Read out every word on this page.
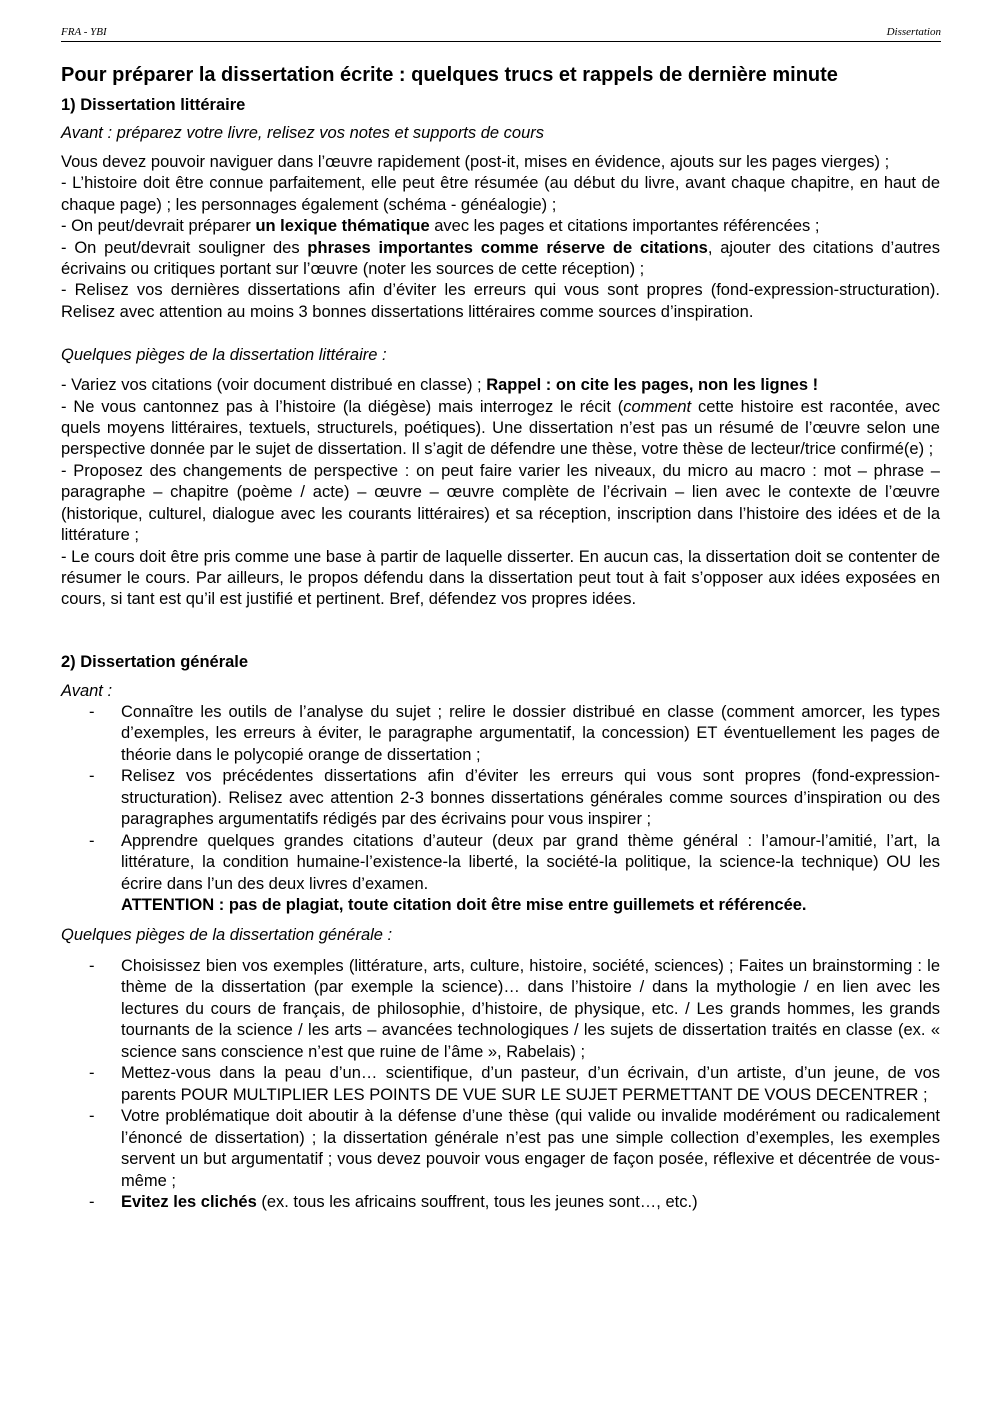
FRA - YBI	Dissertation
Pour préparer la dissertation écrite : quelques trucs et rappels de dernière minute
1) Dissertation littéraire
Avant : préparez votre livre, relisez vos notes et supports de cours

Vous devez pouvoir naviguer dans l’œuvre rapidement (post-it, mises en évidence, ajouts sur les pages vierges) ;

- L’histoire doit être connue parfaitement, elle peut être résumée (au début du livre, avant chaque chapitre, en haut de chaque page) ; les personnages également (schéma - généalogie) ;

- On peut/devrait préparer un lexique thématique avec les pages et citations importantes référencées ;

- On peut/devrait souligner des phrases importantes comme réserve de citations, ajouter des citations d’autres écrivains ou critiques portant sur l’œuvre (noter les sources de cette réception) ;

- Relisez vos dernières dissertations afin d’éviter les erreurs qui vous sont propres (fond-expression-structuration). Relisez avec attention au moins 3 bonnes dissertations littéraires comme sources d’inspiration.

Quelques pièges de la dissertation littéraire :

- Variez vos citations (voir document distribué en classe) ; Rappel : on cite les pages, non les lignes !

- Ne vous cantonnez pas à l’histoire (la diégèse) mais interrogez le récit (comment cette histoire est racontée, avec quels moyens littéraires, textuels, structurels, poétiques). Une dissertation n’est pas un résumé de l’œuvre selon une perspective donnée par le sujet de dissertation. Il s’agit de défendre une thèse, votre thèse de lecteur/trice confirmé(e) ;

- Proposez des changements de perspective : on peut faire varier les niveaux, du micro au macro : mot – phrase – paragraphe – chapitre (poème / acte) – œuvre – œuvre complète de l’écrivain – lien avec le contexte de l’œuvre (historique, culturel, dialogue avec les courants littéraires) et sa réception, inscription dans l’histoire des idées et de la littérature ;

- Le cours doit être pris comme une base à partir de laquelle disserter. En aucun cas, la dissertation doit se contenter de résumer le cours. Par ailleurs, le propos défendu dans la dissertation peut tout à fait s’opposer aux idées exposées en cours, si tant est qu’il est justifié et pertinent. Bref, défendez vos propres idées.

2) Dissertation générale
Avant :
- Connaître les outils de l’analyse du sujet ; relire le dossier distribué en classe (comment amorcer, les types d’exemples, les erreurs à éviter, le paragraphe argumentatif, la concession) ET éventuellement les pages de théorie dans le polycopié orange de dissertation ;
- Relisez vos précédentes dissertations afin d’éviter les erreurs qui vous sont propres (fond-expression-structuration). Relisez avec attention 2-3 bonnes dissertations générales comme sources d’inspiration ou des paragraphes argumentatifs rédigés par des écrivains pour vous inspirer ;
- Apprendre quelques grandes citations d’auteur (deux par grand thème général : l’amour-l’amitié, l’art, la littérature, la condition humaine-l’existence-la liberté, la société-la politique, la science-la technique) OU les écrire dans l’un des deux livres d’examen.
ATTENTION : pas de plagiat, toute citation doit être mise entre guillemets et référencée.
Quelques pièges de la dissertation générale :
- Choisissez bien vos exemples (littérature, arts, culture, histoire, société, sciences) ; Faites un brainstorming : le thème de la dissertation (par exemple la science)… dans l’histoire / dans la mythologie / en lien avec les lectures du cours de français, de philosophie, d’histoire, de physique, etc. / Les grands hommes, les grands tournants de la science / les arts – avancées technologiques / les sujets de dissertation traités en classe (ex. « science sans conscience n’est que ruine de l’âme », Rabelais) ;
- Mettez-vous dans la peau d’un… scientifique, d’un pasteur, d’un écrivain, d’un artiste, d’un jeune, de vos parents POUR MULTIPLIER LES POINTS DE VUE SUR LE SUJET PERMETTANT DE VOUS DECENTRER ;
- Votre problématique doit aboutir à la défense d’une thèse (qui valide ou invalide modérément ou radicalement l’énoncé de dissertation) ; la dissertation générale n’est pas une simple collection d’exemples, les exemples servent un but argumentatif ; vous devez pouvoir vous engager de façon posée, réflexive et décentrée de vous-même ;
- Evitez les clichés (ex. tous les africains souffrent, tous les jeunes sont…, etc.)
